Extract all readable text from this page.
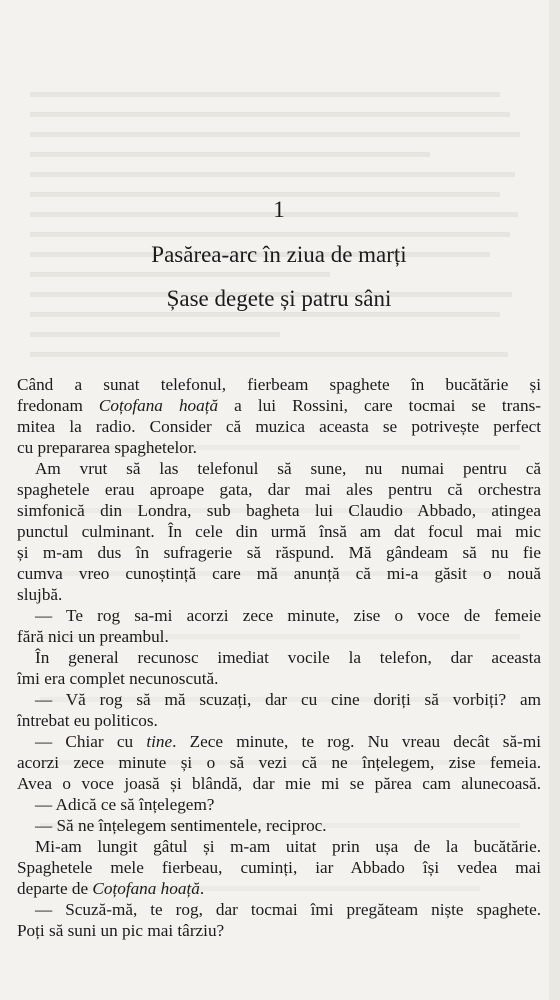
1
Pasărea-arc în ziua de marți
Șase degete și patru sâni
Când a sunat telefonul, fierbeam spaghete în bucătărie și
fredonam Coțofana hoață a lui Rossini, care tocmai se trans-
mitea la radio. Consider că muzica aceasta se potrivește perfect
cu prepararea spaghetelor.
Am vrut să las telefonul să sune, nu numai pentru că
spaghetele erau aproape gata, dar mai ales pentru că orchestra
simfonică din Londra, sub bagheta lui Claudio Abbado, atingea
punctul culminant. În cele din urmă însă am dat focul mai mic
și m-am dus în sufragerie să răspund. Mă gândeam să nu fie
cumva vreo cunoștință care mă anunță că mi-a găsit o nouă
slujbă.
— Te rog sa-mi acorzi zece minute, zise o voce de femeie
fără nici un preambul.
În general recunosc imediat vocile la telefon, dar aceasta
îmi era complet necunoscută.
— Vă rog să mă scuzați, dar cu cine doriți să vorbiți? am
întrebat eu politicos.
— Chiar cu tine. Zece minute, te rog. Nu vreau decât să-mi
acorzi zece minute și o să vezi că ne înțelegem, zise femeia.
Avea o voce joasă și blândă, dar mie mi se părea cam alunecoasă.
— Adică ce să înțelegem?
— Să ne înțelegem sentimentele, reciproc.
Mi-am lungit gâtul și m-am uitat prin ușa de la bucătărie.
Spaghetele mele fierbeau, cuminți, iar Abbado își vedea mai
departe de Coțofana hoață.
— Scuză-mă, te rog, dar tocmai îmi pregăteam niște spaghete.
Poți să suni un pic mai târziu?
